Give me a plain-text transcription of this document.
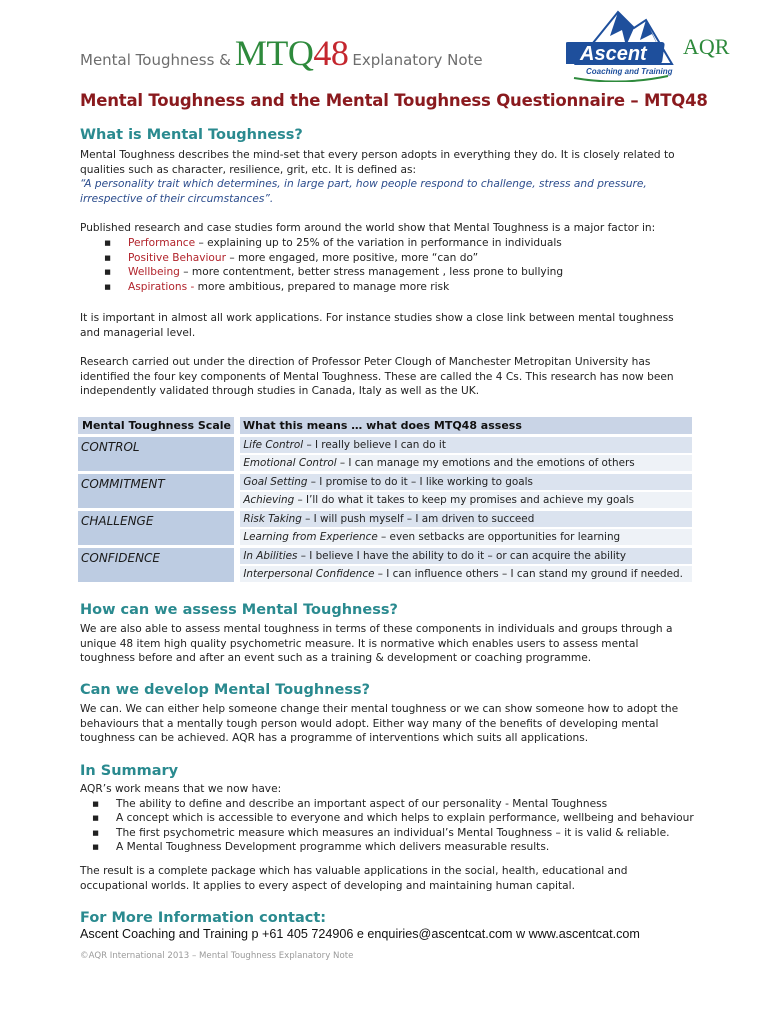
Mental Toughness & MTQ48 Explanatory Note	Ascent
Coaching and Training
AQR
Mental Toughness and the Mental Toughness Questionnaire – MTQ48
What is Mental Toughness?
Mental Toughness describes the mind-set that every person adopts in everything they do. It is closely related to qualities such as character, resilience, grit, etc. It is defined as:
“A personality trait which determines, in large part, how people respond to challenge, stress and pressure, irrespective of their circumstances”.
Published research and case studies form around the world show that Mental Toughness is a major factor in:
▪ Performance – explaining up to 25% of the variation in performance in individuals
▪ Positive Behaviour – more engaged, more positive, more “can do”
▪ Wellbeing – more contentment, better stress management , less prone to bullying
▪ Aspirations - more ambitious, prepared to manage more risk
It is important in almost all work applications. For instance studies show a close link between mental toughness and managerial level.
Research carried out under the direction of Professor Peter Clough of Manchester Metropitan University has identified the four key components of Mental Toughness. These are called the 4 Cs. This research has now been independently validated through studies in Canada, Italy as well as the UK.
Mental Toughness Scale What this means … what does MTQ48 assess
CONTROL	Life Control – I really believe I can do it
Emotional Control – I can manage my emotions and the emotions of others
COMMITMENT	Goal Setting – I promise to do it – I like working to goals
Achieving – I’ll do what it takes to keep my promises and achieve my goals
CHALLENGE	Risk Taking – I will push myself – I am driven to succeed
Learning from Experience – even setbacks are opportunities for learning
CONFIDENCE	In Abilities – I believe I have the ability to do it – or can acquire the ability
Interpersonal Confidence – I can influence others – I can stand my ground if needed.
How can we assess Mental Toughness?
We are also able to assess mental toughness in terms of these components in individuals and groups through a unique 48 item high quality psychometric measure. It is normative which enables users to assess mental toughness before and after an event such as a training & development or coaching programme.
Can we develop Mental Toughness?
We can. We can either help someone change their mental toughness or we can show someone how to adopt the behaviours that a mentally tough person would adopt. Either way many of the benefits of developing mental toughness can be achieved. AQR has a programme of interventions which suits all applications.
In Summary
AQR’s work means that we now have:
▪ The ability to define and describe an important aspect of our personality - Mental Toughness
▪ A concept which is accessible to everyone and which helps to explain performance, wellbeing and behaviour
▪ The first psychometric measure which measures an individual’s Mental Toughness – it is valid & reliable.
▪ A Mental Toughness Development programme which delivers measurable results.
The result is a complete package which has valuable applications in the social, health, educational and occupational worlds. It applies to every aspect of developing and maintaining human capital.
For More Information contact:
Ascent Coaching and Training p +61 405 724906 e enquiries@ascentcat.com w www.ascentcat.com
©AQR International 2013 – Mental Toughness Explanatory Note
